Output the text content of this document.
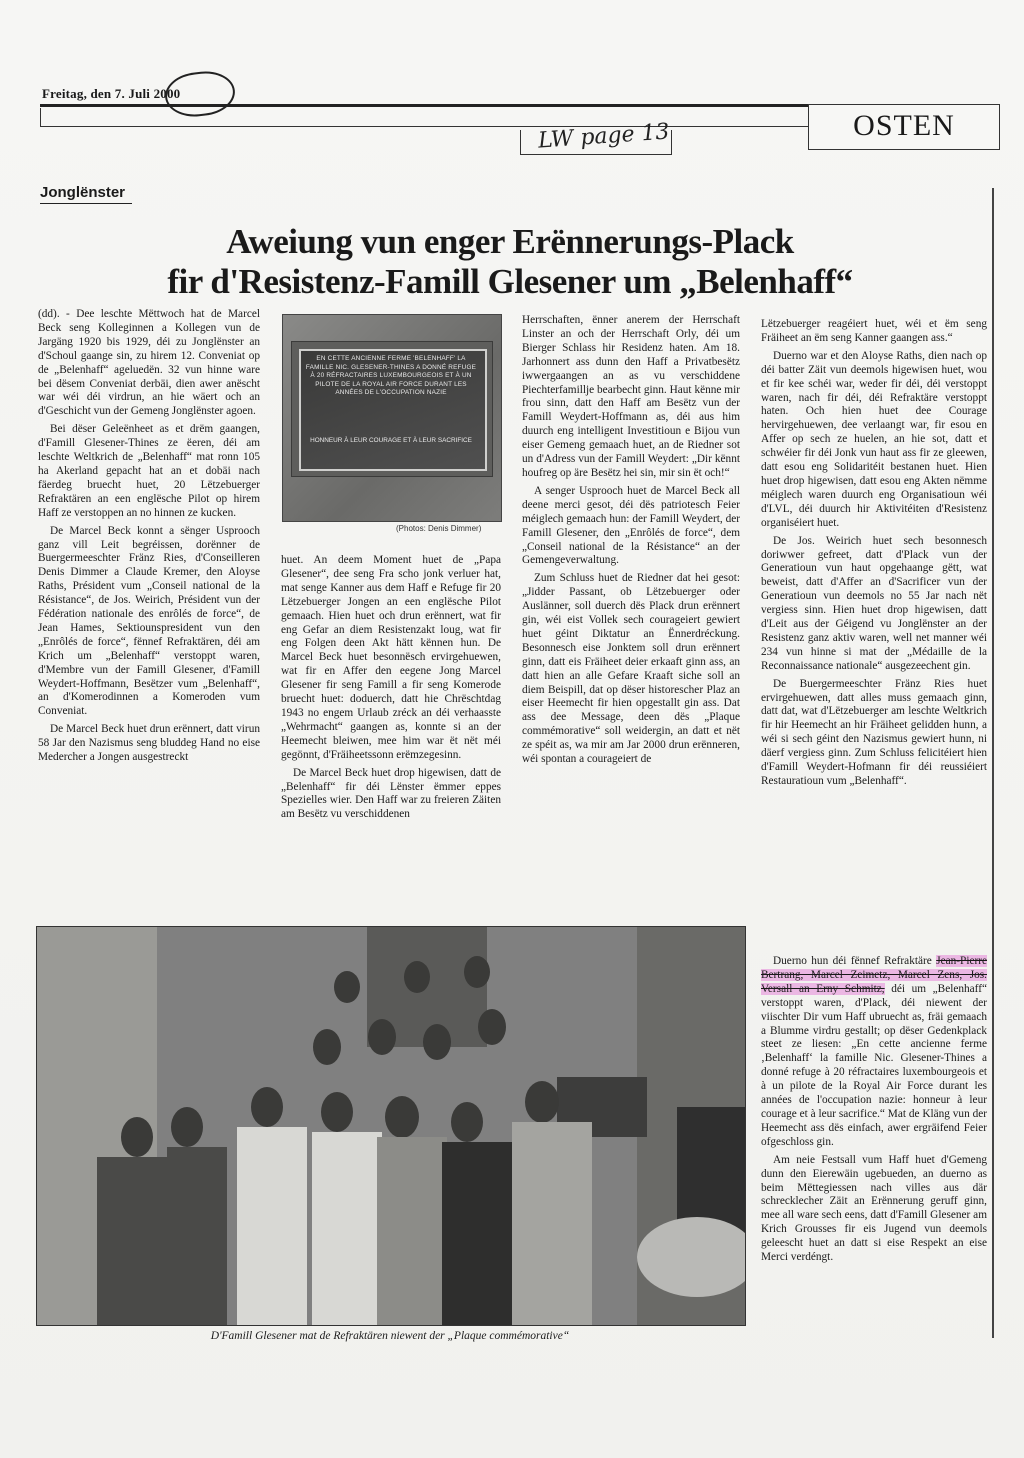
Freitag, den 7. Juli 2000
OSTEN
LW page 13
Jonglënster
Aweiung vun enger Erënnerungs-Plack
fir d'Resistenz-Famill Glesener um „Belenhaff“

(dd). - Dee leschte Mëttwoch hat de Marcel Beck seng Kolleginnen a Kollegen vun de Jargäng 1920 bis 1929, déi zu Jonglënster an d'Schoul gaange sin, zu hirem 12. Conveniat op de „Belenhaff“ ageluedën. 32 vun hinne ware bei dësem Conveniat derbäi, dien awer anëscht war wéi déi virdrun, an hie wäert och an d'Geschicht vun der Gemeng Jonglënster agoen.

Bei dëser Geleënheet as et drëm gaangen, d'Famill Glesener-Thines ze ëeren, déi am leschte Weltkrich de „Belenhaff“ mat ronn 105 ha Akerland gepacht hat an et dobäi nach fäerdeg bruecht huet, 20 Lëtzebuerger Refraktären an een englësche Pilot op hirem Haff ze verstoppen an no hinnen ze kucken.

De Marcel Beck konnt a sënger Usprooch ganz vill Leit begréissen, dorënner de Buergermeeschter Fränz Ries, d'Conseilleren Denis Dimmer a Claude Kremer, den Aloyse Raths, Président vum „Conseil national de la Résistance“, de Jos. Weirich, Président vun der Fédération nationale des enrôlés de force“, de Jean Hames, Sektiounspresident vun den „Enrôlés de force“, fënnef Refraktären, déi am Krich um „Belenhaff“ verstoppt waren, d'Membre vun der Famill Glesener, d'Famill Weydert-Hoffmann, Besëtzer vum „Belenhaff“, an d'Komerodinnen a Komeroden vum Conveniat.

De Marcel Beck huet drun erënnert, datt virun 58 Jar den Nazismus seng bluddeg Hand no eise Medercher a Jongen ausgestreckt

EN CETTE ANCIENNE FERME 'BELENHAFF' LA FAMILLE NIC. GLESENER-THINES A DONNÉ REFUGE À 20 RÉFRACTAIRES LUXEMBOURGEOIS ET À UN PILOTE DE LA ROYAL AIR FORCE DURANT LES ANNÉES DE L'OCCUPATION NAZIE
HONNEUR À LEUR COURAGE ET À LEUR SACRIFICE
(Photos: Denis Dimmer)

huet. An deem Moment huet de „Papa Glesener“, dee seng Fra scho jonk verluer hat, mat senge Kanner aus dem Haff e Refuge fir 20 Lëtzebuerger Jongen an een englësche Pilot gemaach. Hien huet och drun erënnert, wat fir eng Gefar an diem Resistenzakt loug, wat fir eng Folgen deen Akt hätt kënnen hun. De Marcel Beck huet besonnësch ervirgehuewen, wat fir en Affer den eegene Jong Marcel Glesener fir seng Famill a fir seng Komerode bruecht huet: doduerch, datt hie Chrëschtdag 1943 no engem Urlaub zréck an déi verhaasste „Wehrmacht“ gaangen as, konnte si an der Heemecht bleiwen, mee him war ët nët méi gegönnt, d'Fräiheetssonn erëmzegesinn.

De Marcel Beck huet drop higewisen, datt de „Belenhaff“ fir déi Lënster ëmmer eppes Spezielles wier. Den Haff war zu freieren Zäiten am Besëtz vu verschiddenen

Herrschaften, ënner anerem der Herrschaft Linster an och der Herrschaft Orly, déi um Bierger Schlass hir Residenz haten. Am 18. Jarhonnert ass dunn den Haff a Privatbesëtz iwwergaangen an as vu verschiddene Piechterfamillje bearbecht ginn. Haut kënne mir frou sinn, datt den Haff am Besëtz vun der Famill Weydert-Hoffmann as, déi aus him duurch eng intelligent Investitioun e Bijou vun eiser Gemeng gemaach huet, an de Riedner sot un d'Adress vun der Famill Weydert: „Dir kënnt houfreg op äre Besëtz hei sin, mir sin ët och!“

A senger Usprooch huet de Marcel Beck all deene merci gesot, déi dës patriotesch Feier méiglech gemaach hun: der Famill Weydert, der Famill Glesener, den „Enrôlés de force“, dem „Conseil national de la Résistance“ an der Gemengeverwaltung.

Zum Schluss huet de Riedner dat hei gesot: „Jidder Passant, ob Lëtzebuerger oder Auslänner, soll duerch dës Plack drun erënnert gin, wéi eist Vollek sech courageiert gewiert huet géint Diktatur an Ënnerdréckung. Besonnesch eise Jonktem soll drun erënnert ginn, datt eis Fräiheet deier erkaaft ginn ass, an datt hien an alle Gefare Kraaft siche soll an diem Beispill, dat op dëser historescher Plaz an eiser Heemecht fir hien opgestallt gin ass. Dat ass dee Message, deen dës „Plaque commémorative“ soll weidergin, an datt et nët ze spéit as, wa mir am Jar 2000 drun erënneren, wéi spontan a courageiert de

Lëtzebuerger reagéiert huet, wéi et ëm seng Fräiheet an ëm seng Kanner gaangen ass.“

Duerno war et den Aloyse Raths, dien nach op déi batter Zäit vun deemols higewisen huet, wou et fir kee schéi war, weder fir déi, déi verstoppt waren, nach fir déi, déi Refraktäre verstoppt haten. Och hien huet dee Courage hervirgehuewen, dee verlaangt war, fir esou en Affer op sech ze huelen, an hie sot, datt et schwéier fir déi Jonk vun haut ass fir ze gleewen, datt esou eng Solidaritéit bestanen huet. Hien huet drop higewisen, datt esou eng Akten nëmme méiglech waren duurch eng Organisatioun wéi d'LVL, déi duurch hir Aktivitéiten d'Resistenz organiséiert huet.

De Jos. Weirich huet sech besonnesch doriwwer gefreet, datt d'Plack vun der Generatioun vun haut opgehaange gëtt, wat beweist, datt d'Affer an d'Sacrificer vun der Generatioun vun deemols no 55 Jar nach nët vergiess sinn. Hien huet drop higewisen, datt d'Leit aus der Géigend vu Jonglënster an der Resistenz ganz aktiv waren, well net manner wéi 234 vun hinne si mat der „Médaille de la Reconnaissance nationale“ ausgezeechent gin.

De Buergermeeschter Fränz Ries huet ervirgehuewen, datt alles muss gemaach ginn, datt dat, wat d'Lëtzebuerger am leschte Weltkrich fir hir Heemecht an hir Fräiheet gelidden hunn, a wéi si sech géint den Nazismus gewiert hunn, ni däerf vergiess ginn. Zum Schluss felicitéiert hien d'Famill Weydert-Hofmann fir déi reussiéiert Restauratioun vum „Belenhaff“.

Duerno hun déi fënnef Refraktäre Jean-Pierre Bertrang, Marcel Zeimetz, Marcel Zens, Jos. Versall an Erny Schmitz, déi um „Belenhaff“ verstoppt waren, d'Plack, déi niewent der viischter Dir vum Haff ubruecht as, fräi gemaach a Blumme virdru gestallt; op dëser Gedenkplack steet ze liesen: „En cette ancienne ferme ‚Belenhaff‘ la famille Nic. Glesener-Thines a donné refuge à 20 réfractaires luxembourgeois et à un pilote de la Royal Air Force durant les années de l'occupation nazie: honneur à leur courage et à leur sacrifice.“ Mat de Kläng vun der Heemecht ass dës einfach, awer ergräifend Feier ofgeschloss gin.

Am neie Festsall vum Haff huet d'Gemeng dunn den Eierewäin ugebueden, an duerno as beim Mëttegiessen nach villes aus där schrecklecher Zäit an Erënnerung geruff ginn, mee all ware sech eens, datt d'Famill Glesener am Krich Grousses fir eis Jugend vun deemols geleescht huet an datt si eise Respekt an eise Merci verdéngt.

D'Famill Glesener mat de Refraktären niewent der „Plaque commémorative“
